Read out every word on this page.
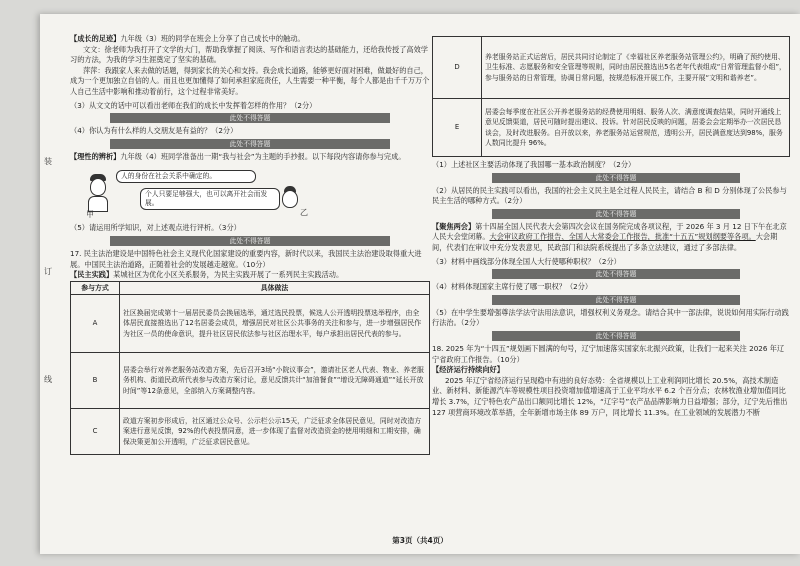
装
订
线

【成长的足迹】九年级（3）班的同学在班会上分享了自己成长中的触动。

文文：徐老师为我打开了文学的大门，帮助我掌握了阅读、写作和语言表达的基础能力，还给我传授了高效学习的方法，为我的学习生涯奠定了坚实的基础。

萍萍：我跟家人来去做的话题，得到家长的关心和支持。我会成长道路，能够更好面对困难，做最好的自己，成为一个更加独立自信的人。而且也更加懂得了如何承担家庭责任，人生需要一种平衡，每个人都是由千千万万个人自己生活中影响和推动着前行，这个过程非常美好。

（3）从文文的话中可以看出老师在我们的成长中发挥着怎样的作用？（2分）

此处不得答题

（4）你认为有什么样的人交朋友是有益的？（2分）

此处不得答题

【理性的辨析】九年级（4）班同学准备出一期“我与社会”为主题的手抄报。以下每段内容请你参与完成。

甲
人的身份在社会关系中确定的。
个人只要足够强大，也可以离开社会而发展。
乙

（5）请运用所学知识，对上述观点进行评析。（3分）

此处不得答题

17. 民主法治建设是中国特色社会主义现代化国家建设的重要内容，新时代以来，我国民主法治建设取得重大进展。中国民主法治道路，正随着社会的发展越走越宽。（10分）

【民主实践】某城社区为优化小区关系服务，为民主实践开展了一系列民主实践活动。

参与方式	具体做法
A	社区换届完成第十一届居民委员会换届选举，通过选民投票，候选人公开透明投票选举程序，由全体居民直接推选出了12名居委会成员，增强居民对社区公共事务的关注和参与，进一步增强居民作为社区一员的使命意识，提升社区居民依法参与社区治理水平，每户承担出居民代表的参与。
B	居委会举行对养老服务站改造方案，先后召开3场“小院议事会”，邀请社区老人代表、物业、养老服务机构、街道民政所代表参与改造方案讨论，意见反馈共计“加油餐食”“增设无障碍通道”“延长开放时间”等12条意见，全部纳入方案调整内容。
C	政道方案初步形成后，社区通过公众号、公示栏公示15天，广泛征求全体居民意见，同时对改造方案进行意见反馈，92%的代表投票同意，进一步体现了监督对改造资金的使用明细和工期安排，确保决策更加公开透明，广泛征求居民意见。
D	养老服务站正式运营后，居民共同讨论制定了《幸福社区养老服务站管理公约》，明确了预约使用、卫生标准、志愿服务和安全管理等规则，同时由居民推选出5名老年代表组成“日常管理监督小组”，参与服务站的日常管理，协调日常问题，按规范标准开展工作，主要开展“文明和谐养老”。
E	居委会每季度在社区公开养老服务站的经费使用明细、服务人次、满意度调查结果，同时开通线上意见反馈渠道，居民可随时提出建议、投诉。针对居民反映的问题，居委会会定期举办一次居民恳谈会，及时改进服务。自开放以来，养老服务站运营规范，透明公开，居民满意度达到98%，服务人数同比提升 96%。

（1）上述社区主要活动体现了我国哪一基本政治制度？（2分）

此处不得答题

（2）从居民的民主实践可以看出，我国的社会主义民主是全过程人民民主，请结合 B 和 D 分别体现了公民参与民主生活的哪种方式。（2分）

此处不得答题

【聚焦两会】第十四届全国人民代表大会第四次会议在国务院完成各项议程，于 2026 年 3 月 12 日下午在北京人民大会堂闭幕。大会审议政府工作报告、全国人大常委会工作报告，批准“十五五”规划纲要等各项。大会期间，代表们在审议中充分发表意见，民政部门和法院系统提出了多条立法建议，通过了多部法律。

（3）材料中画线部分体现全国人大行使哪种职权？（2分）

此处不得答题

（4）材料体现国家主席行使了哪一职权？（2分）

此处不得答题

（5）在中学生要增强尊法学法守法用法意识，增强权利义务观念。请结合其中一部法律，说说如何用实际行动践行法治。（2分）

此处不得答题

18. 2025 年为“十四五”规划画下圆满的句号，辽宁加速落实国家东北振兴政策，让我们一起来关注 2026 年辽宁省政府工作报告。（10分）

【经济运行持续向好】

2025 年辽宁省经济运行呈现稳中有进的良好态势：全省规模以上工业利润同比增长 20.5%，高技术制造业、新材料、新能源汽车等规模性项目投资增加值增速高于工业平均水平 6.2 个百分点；农林牧渔业增加值同比增长 3.7%，辽宁特色农产品出口额同比增长 12%，“辽字号”农产品品牌影响力日益增强；部分，辽宁先后推出 127 项营商环境改革举措，全年新增市场主体 89 万户，同比增长 11.3%。在工业领域的发展潜力不断

第3页（共4页）
